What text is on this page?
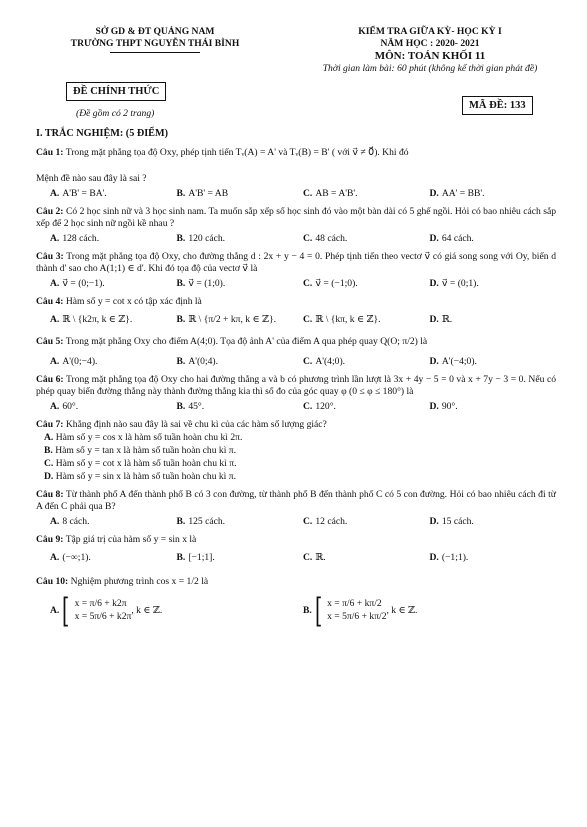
SỞ GD & ĐT QUẢNG NAM
TRƯỜNG THPT NGUYỄN THÁI BÌNH
KIỂM TRA GIỮA KỲ- HỌC KỲ I
NĂM HỌC : 2020- 2021
MÔN: TOÁN KHỐI 11
Thời gian làm bài: 60 phút (không kể thời gian phát đề)
ĐỀ CHÍNH THỨC
(Đề gồm có 2 trang)
MÃ ĐỀ: 133
I. TRẮC NGHIỆM: (5 ĐIỂM)
Câu 1: Trong mặt phẳng tọa độ Oxy, phép tịnh tiến Tᵥ(A) = A' và Tᵥ(B) = B' ( với v⃗ ≠ 0⃗). Khi đó
Mệnh đề nào sau đây là sai ?
A. A'B' = BA'.	B. A'B' = AB	C. AB = A'B'.	D. AA' = BB'.
Câu 2: Có 2 học sinh nữ và 3 học sinh nam. Ta muốn sắp xếp số học sinh đó vào một bàn dài có 5 ghế ngồi. Hỏi có bao nhiêu cách sắp xếp để 2 học sinh nữ ngồi kề nhau ?
A. 128 cách.	B. 120 cách.	C. 48 cách.	D. 64 cách.
Câu 3: Trong mặt phẳng tọa độ Oxy, cho đường thẳng d : 2x + y − 4 = 0. Phép tịnh tiến theo vectơ v⃗ có giá song song với Oy, biến d thành d' sao cho A(1;1) ∈ d'. Khi đó tọa độ của vectơ v⃗ là
A. v⃗ = (0;−1).	B. v⃗ = (1;0).	C. v⃗ = (−1;0).	D. v⃗ = (0;1).
Câu 4: Hàm số y = cot x có tập xác định là
A. ℝ \ {k2π, k ∈ ℤ}.	B. ℝ \ {π/2 + kπ, k ∈ ℤ}.	C. ℝ \ {kπ, k ∈ ℤ}.	D. ℝ.
Câu 5: Trong mặt phẳng Oxy cho điểm A(4;0). Tọa độ ảnh A' của điểm A qua phép quay Q(O; π/2) là
A. A'(0;−4).	B. A'(0;4).	C. A'(4;0).	D. A'(−4;0).
Câu 6: Trong mặt phẳng tọa độ Oxy cho hai đường thẳng a và b có phương trình lần lượt là 3x + 4y − 5 = 0 và x + 7y − 3 = 0. Nếu có phép quay biến đường thẳng này thành đường thẳng kia thì số đo của góc quay φ (0 ≤ φ ≤ 180°) là
A. 60°.	B. 45°.	C. 120°.	D. 90°.
Câu 7: Khẳng định nào sau đây là sai về chu kì của các hàm số lượng giác?
A. Hàm số y = cos x là hàm số tuần hoàn chu kì 2π.
B. Hàm số y = tan x là hàm số tuần hoàn chu kì π.
C. Hàm số y = cot x là hàm số tuần hoàn chu kì π.
D. Hàm số y = sin x là hàm số tuần hoàn chu kì π.
Câu 8: Từ thành phố A đến thành phố B có 3 con đường, từ thành phố B đến thành phố C có 5 con đường. Hỏi có bao nhiêu cách đi từ A đến C phải qua B?
A. 8 cách.	B. 125 cách.	C. 12 cách.	D. 15 cách.
Câu 9: Tập giá trị của hàm số y = sin x là
A. (−∞;1).	B. [−1;1].	C. ℝ.	D. (−1;1).
Câu 10: Nghiệm phương trình cos x = 1/2 là
A. [ x = π/6 + k2π
x = 5π/6 + k2π
, k ∈ ℤ.	B. [ x = π/6 + kπ/2
x = 5π/6 + kπ/2
, k ∈ ℤ.
